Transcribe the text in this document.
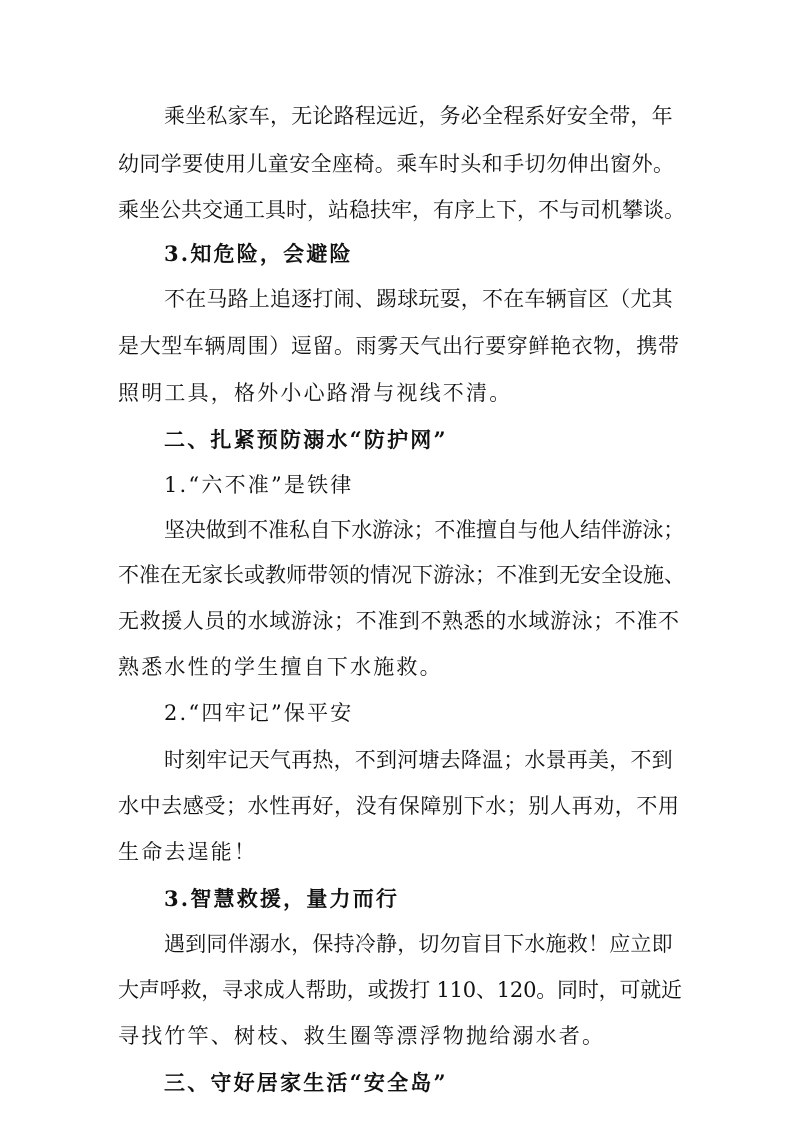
乘坐私家车，无论路程远近，务必全程系好安全带，年
幼同学要使用儿童安全座椅。乘车时头和手切勿伸出窗外。
乘坐公共交通工具时，站稳扶牢，有序上下，不与司机攀谈。
3.知危险，会避险
不在马路上追逐打闹、踢球玩耍，不在车辆盲区（尤其
是大型车辆周围）逗留。雨雾天气出行要穿鲜艳衣物，携带
照明工具，格外小心路滑与视线不清。
二、扎紧预防溺水“防护网”
1.“六不准”是铁律
坚决做到不准私自下水游泳；不准擅自与他人结伴游泳；
不准在无家长或教师带领的情况下游泳；不准到无安全设施、
无救援人员的水域游泳；不准到不熟悉的水域游泳；不准不
熟悉水性的学生擅自下水施救。
2.“四牢记”保平安
时刻牢记天气再热，不到河塘去降温；水景再美，不到
水中去感受；水性再好，没有保障别下水；别人再劝，不用
生命去逞能！
3.智慧救援，量力而行
遇到同伴溺水，保持冷静，切勿盲目下水施救！应立即
大声呼救，寻求成人帮助，或拨打 110、120。同时，可就近
寻找竹竿、树枝、救生圈等漂浮物抛给溺水者。
三、守好居家生活“安全岛”
